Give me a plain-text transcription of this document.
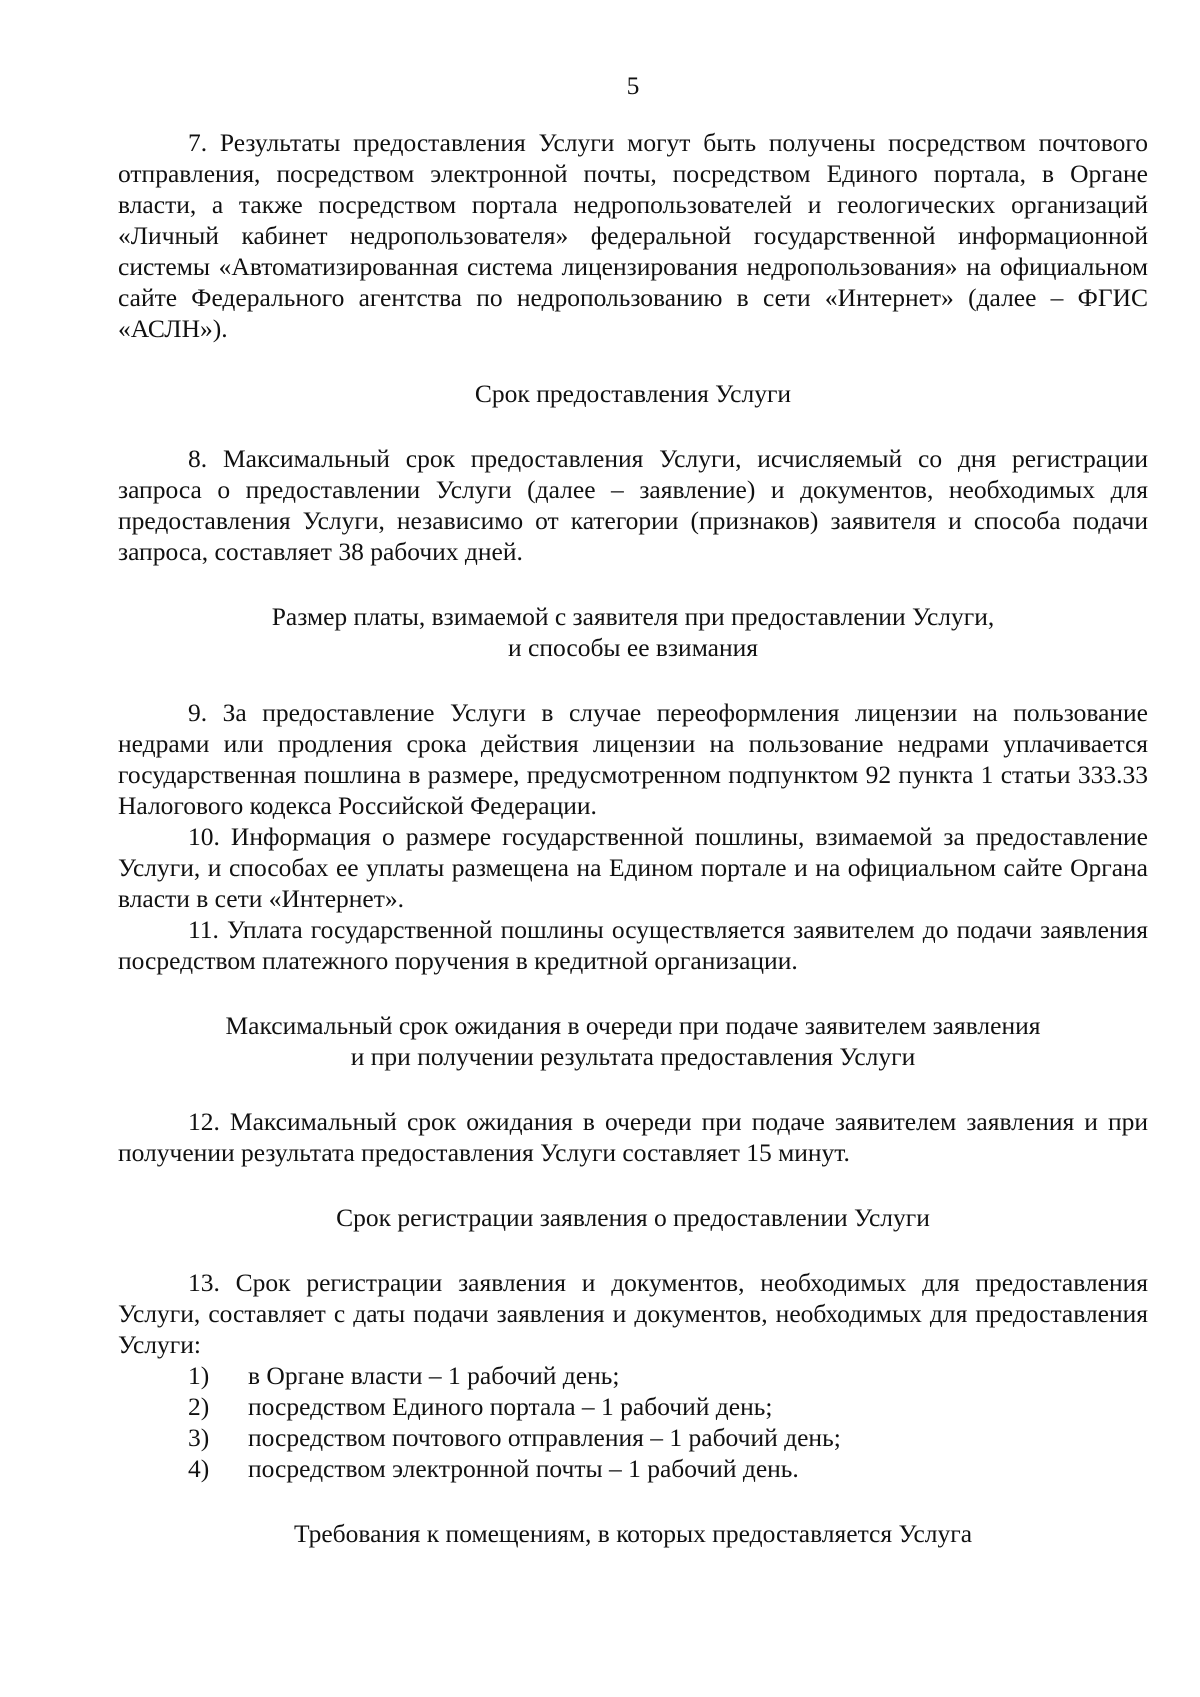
5

7. Результаты предоставления Услуги могут быть получены посредством почтового отправления, посредством электронной почты, посредством Единого портала, в Органе власти, а также посредством портала недропользователей и геологических организаций «Личный кабинет недропользователя» федеральной государственной информационной системы «Автоматизированная система лицензирования недропользования» на официальном сайте Федерального агентства по недропользованию в сети «Интернет» (далее – ФГИС «АСЛН»).

Срок предоставления Услуги

8. Максимальный срок предоставления Услуги, исчисляемый со дня регистрации запроса о предоставлении Услуги (далее – заявление) и документов, необходимых для предоставления Услуги, независимо от категории (признаков) заявителя и способа подачи запроса, составляет 38 рабочих дней.

Размер платы, взимаемой с заявителя при предоставлении Услуги,

и способы ее взимания

9. За предоставление Услуги в случае переоформления лицензии на пользование недрами или продления срока действия лицензии на пользование недрами уплачивается государственная пошлина в размере, предусмотренном подпунктом 92 пункта 1 статьи 333.33 Налогового кодекса Российской Федерации.

10. Информация о размере государственной пошлины, взимаемой за предоставление Услуги, и способах ее уплаты размещена на Едином портале и на официальном сайте Органа власти в сети «Интернет».

11. Уплата государственной пошлины осуществляется заявителем до подачи заявления посредством платежного поручения в кредитной организации.

Максимальный срок ожидания в очереди при подаче заявителем заявления

и при получении результата предоставления Услуги

12. Максимальный срок ожидания в очереди при подаче заявителем заявления и при получении результата предоставления Услуги составляет 15 минут.

Срок регистрации заявления о предоставлении Услуги

13. Срок регистрации заявления и документов, необходимых для предоставления Услуги, составляет с даты подачи заявления и документов, необходимых для предоставления Услуги:

1)	в Органе власти – 1 рабочий день;
2)	посредством Единого портала – 1 рабочий день;
3)	посредством почтового отправления – 1 рабочий день;
4)	посредством электронной почты – 1 рабочий день.

Требования к помещениям, в которых предоставляется Услуга
